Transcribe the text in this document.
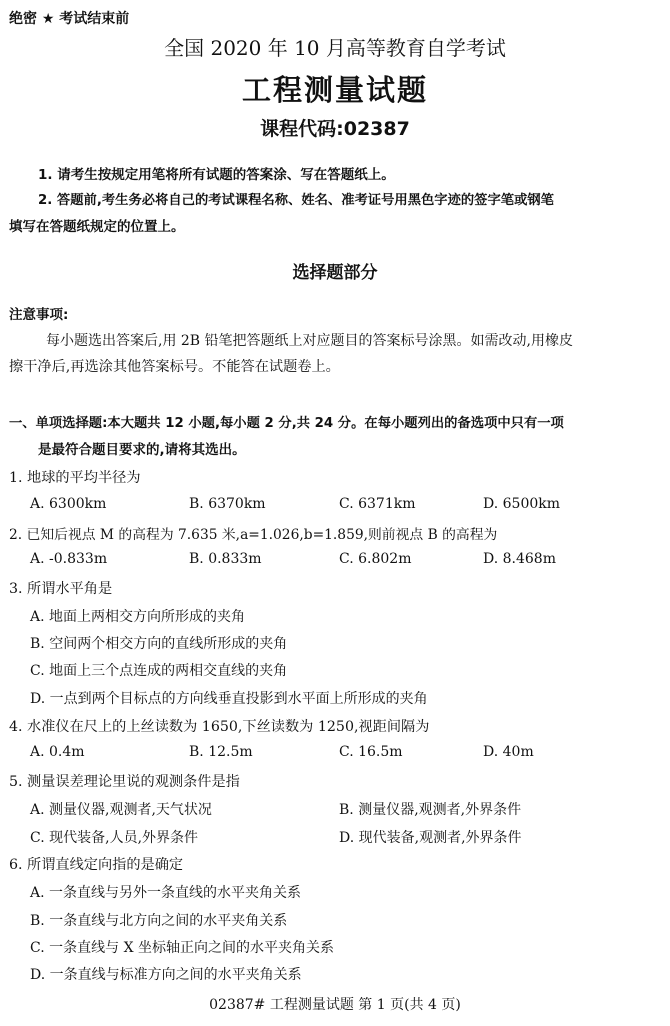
绝密 ★ 考试结束前
全国 2020 年 10 月高等教育自学考试
工程测量试题
课程代码:02387
1. 请考生按规定用笔将所有试题的答案涂、写在答题纸上。
2. 答题前,考生务必将自己的考试课程名称、姓名、准考证号用黑色字迹的签字笔或钢笔
填写在答题纸规定的位置上。
选择题部分
注意事项:
每小题选出答案后,用 2B 铅笔把答题纸上对应题目的答案标号涂黑。如需改动,用橡皮
擦干净后,再选涂其他答案标号。不能答在试题卷上。
一、单项选择题:本大题共 12 小题,每小题 2 分,共 24 分。在每小题列出的备选项中只有一项
是最符合题目要求的,请将其选出。
1. 地球的平均半径为
A. 6300km	B. 6370km	C. 6371km	D. 6500km
2. 已知后视点 M 的高程为 7.635 米,a=1.026,b=1.859,则前视点 B 的高程为
A. -0.833m	B. 0.833m	C. 6.802m	D. 8.468m
3. 所谓水平角是
A. 地面上两相交方向所形成的夹角
B. 空间两个相交方向的直线所形成的夹角
C. 地面上三个点连成的两相交直线的夹角
D. 一点到两个目标点的方向线垂直投影到水平面上所形成的夹角
4. 水准仪在尺上的上丝读数为 1650,下丝读数为 1250,视距间隔为
A. 0.4m	B. 12.5m	C. 16.5m	D. 40m
5. 测量误差理论里说的观测条件是指
A. 测量仪器,观测者,天气状况	B. 测量仪器,观测者,外界条件
C. 现代装备,人员,外界条件	D. 现代装备,观测者,外界条件
6. 所谓直线定向指的是确定
A. 一条直线与另外一条直线的水平夹角关系
B. 一条直线与北方向之间的水平夹角关系
C. 一条直线与 X 坐标轴正向之间的水平夹角关系
D. 一条直线与标准方向之间的水平夹角关系
02387# 工程测量试题 第 1 页(共 4 页)
